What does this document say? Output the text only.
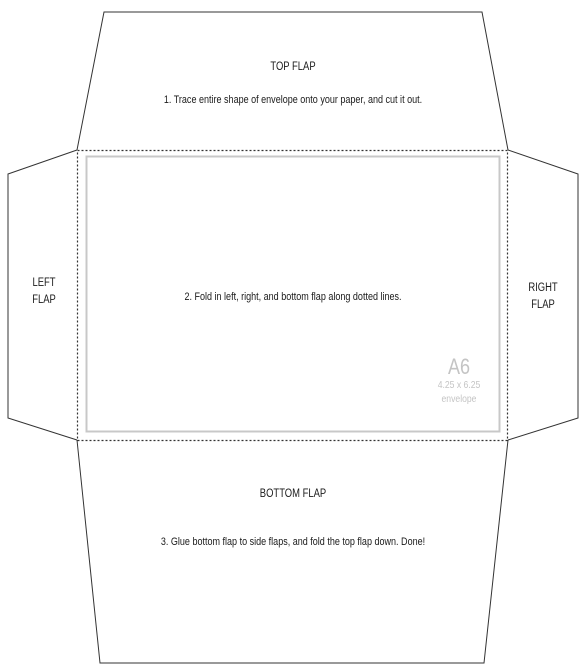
TOP FLAP
1. Trace entire shape of envelope onto your paper, and cut it out.
LEFT
FLAP
RIGHT
FLAP
2. Fold in left, right, and bottom flap along dotted lines.
A6
4.25 x 6.25
envelope
BOTTOM FLAP
3. Glue bottom flap to side flaps, and fold the top flap down. Done!
